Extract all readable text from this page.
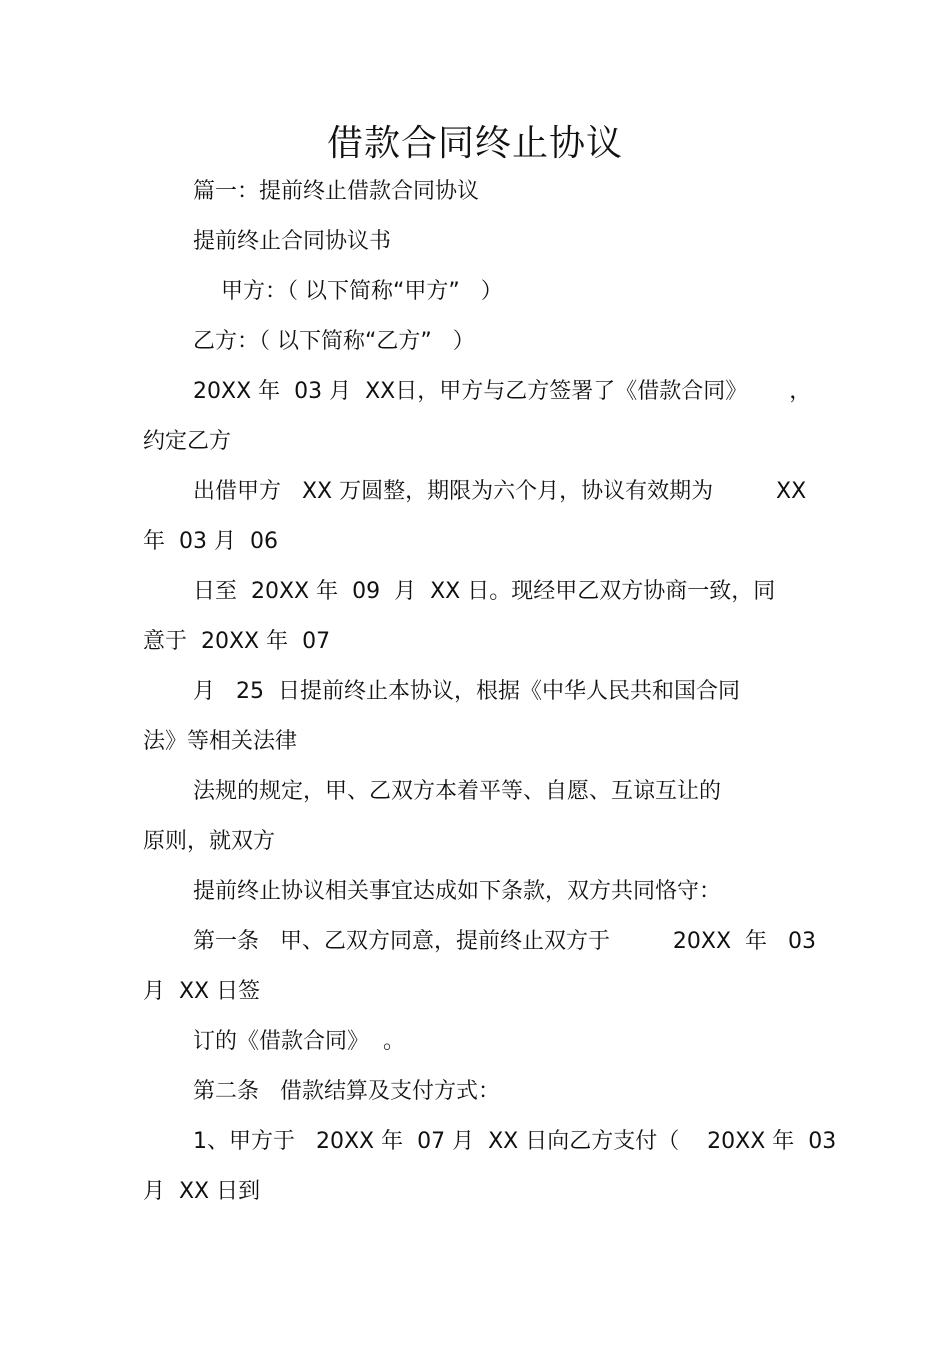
借款合同终止协议
篇一：提前终止借款合同协议
提前终止合同协议书
甲方：（ 以下简称“甲方”   ）
乙方：（ 以下简称“乙方”   ）
20XX 年  03 月  XX日，甲方与乙方签署了《借款合同》      ，
约定乙方
出借甲方   XX 万圆整，期限为六个月，协议有效期为         XX
年  03 月  06
日至  20XX 年  09  月  XX 日。现经甲乙双方协商一致，同
意于  20XX 年  07
月   25  日提前终止本协议，根据《中华人民共和国合同
法》等相关法律
法规的规定，甲、乙双方本着平等、自愿、互谅互让的
原则，就双方
提前终止协议相关事宜达成如下条款，双方共同恪守：
第一条   甲、乙双方同意，提前终止双方于         20XX  年   03
月  XX 日签
订的《借款合同》  。
第二条   借款结算及支付方式：
1、甲方于   20XX 年  07 月  XX 日向乙方支付（    20XX 年  03
月  XX 日到
